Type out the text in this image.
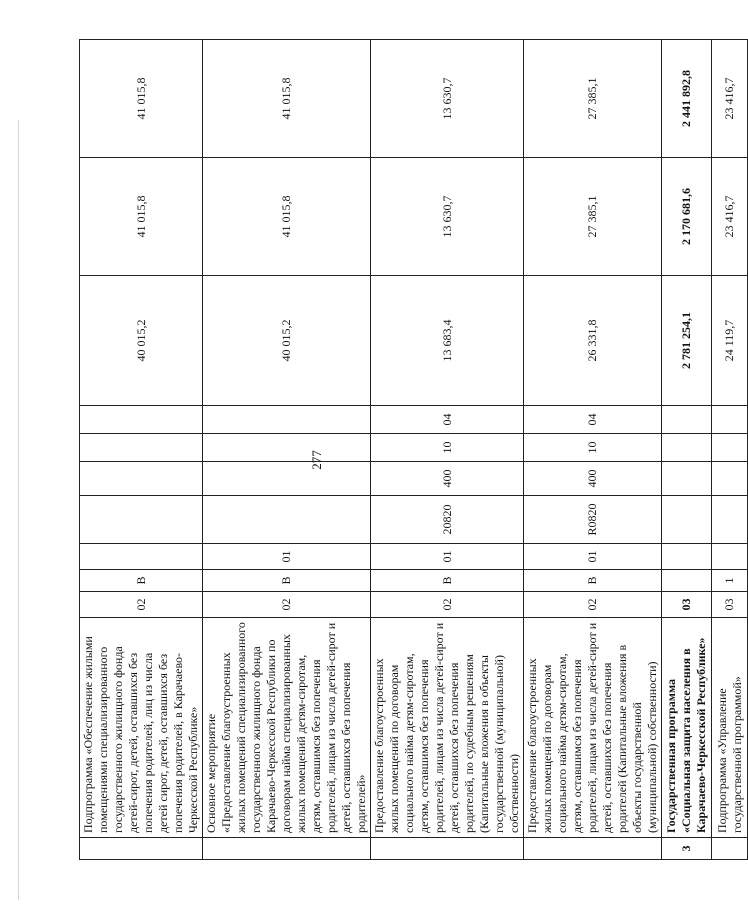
277
	Подпрограмма «Обеспечение жилыми помещениями специализированного государственного жилищного фонда детей-сирот, детей, оставшихся без попечения родителей, лиц из числа детей сирот, детей, оставшихся без попечения родителей, в Карачаево-Черкесской Республике»	02	В						40 015,2	41 015,8	41 015,8
	Основное мероприятие «Предоставление благоустроенных жилых помещений специализированного государственного жилищного фонда Карачаево-Черкесской Республики по договорам найма специализированных жилых помещений детям-сиротам, детям, оставшимся без попечения родителей, лицам из числа детей-сирот и детей, оставшихся без попечения родителей»	02	В	01					40 015,2	41 015,8	41 015,8
	Предоставление благоустроенных жилых помещений по договорам социального найма детям-сиротам, детям, оставшимся без попечения родителей, лицам из числа детей-сирот и детей, оставшихся без попечения родителей, по судебным решениям (Капитальные вложения в объекты государственной (муниципальной) собственности)	02	В	01	20820	400	10	04	13 683,4	13 630,7	13 630,7
	Предоставление благоустроенных жилых помещений по договорам социального найма детям-сиротам, детям, оставшимся без попечения родителей, лицам из числа детей-сирот и детей, оставшихся без попечения родителей (Капитальные вложения в объекты государственной (муниципальной) собственности)	02	В	01	R0820	400	10	04	26 331,8	27 385,1	27 385,1
3	Государственная программа «Социальная защита населения в Карачаево-Черкесской Республике»	03							2 781 254,1	2 170 681,6	2 441 892,8
	Подпрограмма «Управление государственной программой»	03	1						24 119,7	23 416,7	23 416,7
